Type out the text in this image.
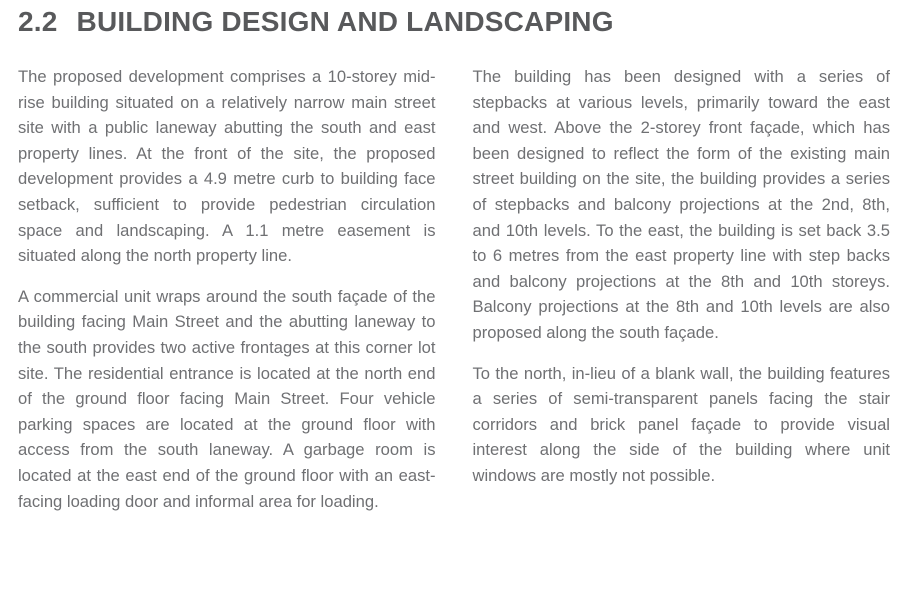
2.2 BUILDING DESIGN AND LANDSCAPING

The proposed development comprises a 10-storey mid-rise building situated on a relatively narrow main street site with a public laneway abutting the south and east property lines. At the front of the site, the proposed development provides a 4.9 metre curb to building face setback, sufficient to provide pedestrian circulation space and landscaping. A 1.1 metre easement is situated along the north property line.

A commercial unit wraps around the south façade of the building facing Main Street and the abutting laneway to the south provides two active frontages at this corner lot site. The residential entrance is located at the north end of the ground floor facing Main Street. Four vehicle parking spaces are located at the ground floor with access from the south laneway. A garbage room is located at the east end of the ground floor with an east-facing loading door and informal area for loading.

The building has been designed with a series of stepbacks at various levels, primarily toward the east and west. Above the 2-storey front façade, which has been designed to reflect the form of the existing main street building on the site, the building provides a series of stepbacks and balcony projections at the 2nd, 8th, and 10th levels. To the east, the building is set back 3.5 to 6 metres from the east property line with step backs and balcony projections at the 8th and 10th storeys. Balcony projections at the 8th and 10th levels are also proposed along the south façade.

To the north, in-lieu of a blank wall, the building features a series of semi-transparent panels facing the stair corridors and brick panel façade to provide visual interest along the side of the building where unit windows are mostly not possible.
